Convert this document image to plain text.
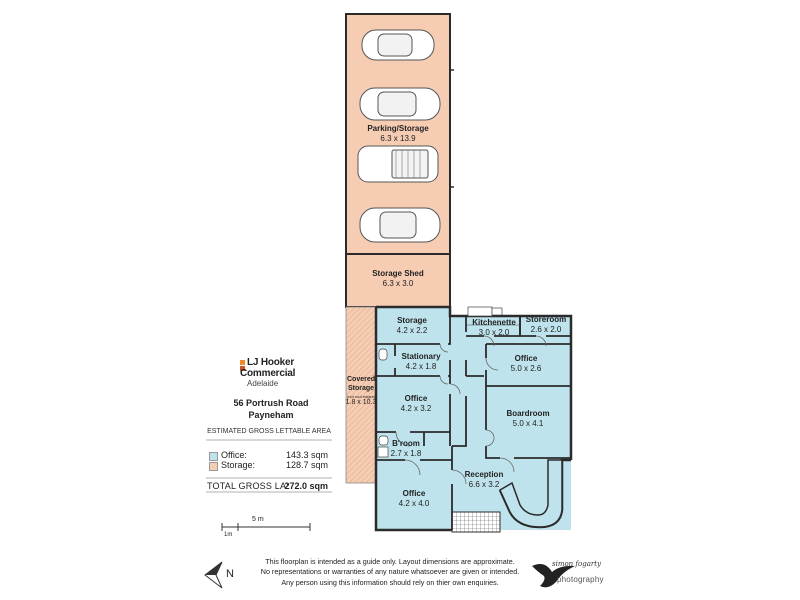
Parking/Storage
6.3 x 13.9
Storage Shed
6.3 x 3.0
Covered Storage
(not roof edges)
1.8 x 10.3
Storage
4.2 x 2.2
Kitchenette
3.0 x 2.0
Storeroom
2.6 x 2.0
Stationary
4.2 x 1.8
Office
5.0 x 2.6
Office
4.2 x 3.2
Boardroom
5.0 x 4.1
B'room
2.7 x 1.8
Reception
6.6 x 3.2
Office
4.2 x 4.0
LJ Hooker
Commercial
Adelaide
56 Portrush Road
Payneham
ESTIMATED GROSS LETTABLE AREA
Office:	143.3 sqm
Storage:	128.7 sqm
TOTAL GROSS LA:
272.0 sqm
5 m
1m
N
This floorplan is intended as a guide only. Layout dimensions are approximate.
No representations or warranties of any nature whatsoever are given or intended.
Any person using this information should rely on thier own enquiries.
simon fogarty
photography
